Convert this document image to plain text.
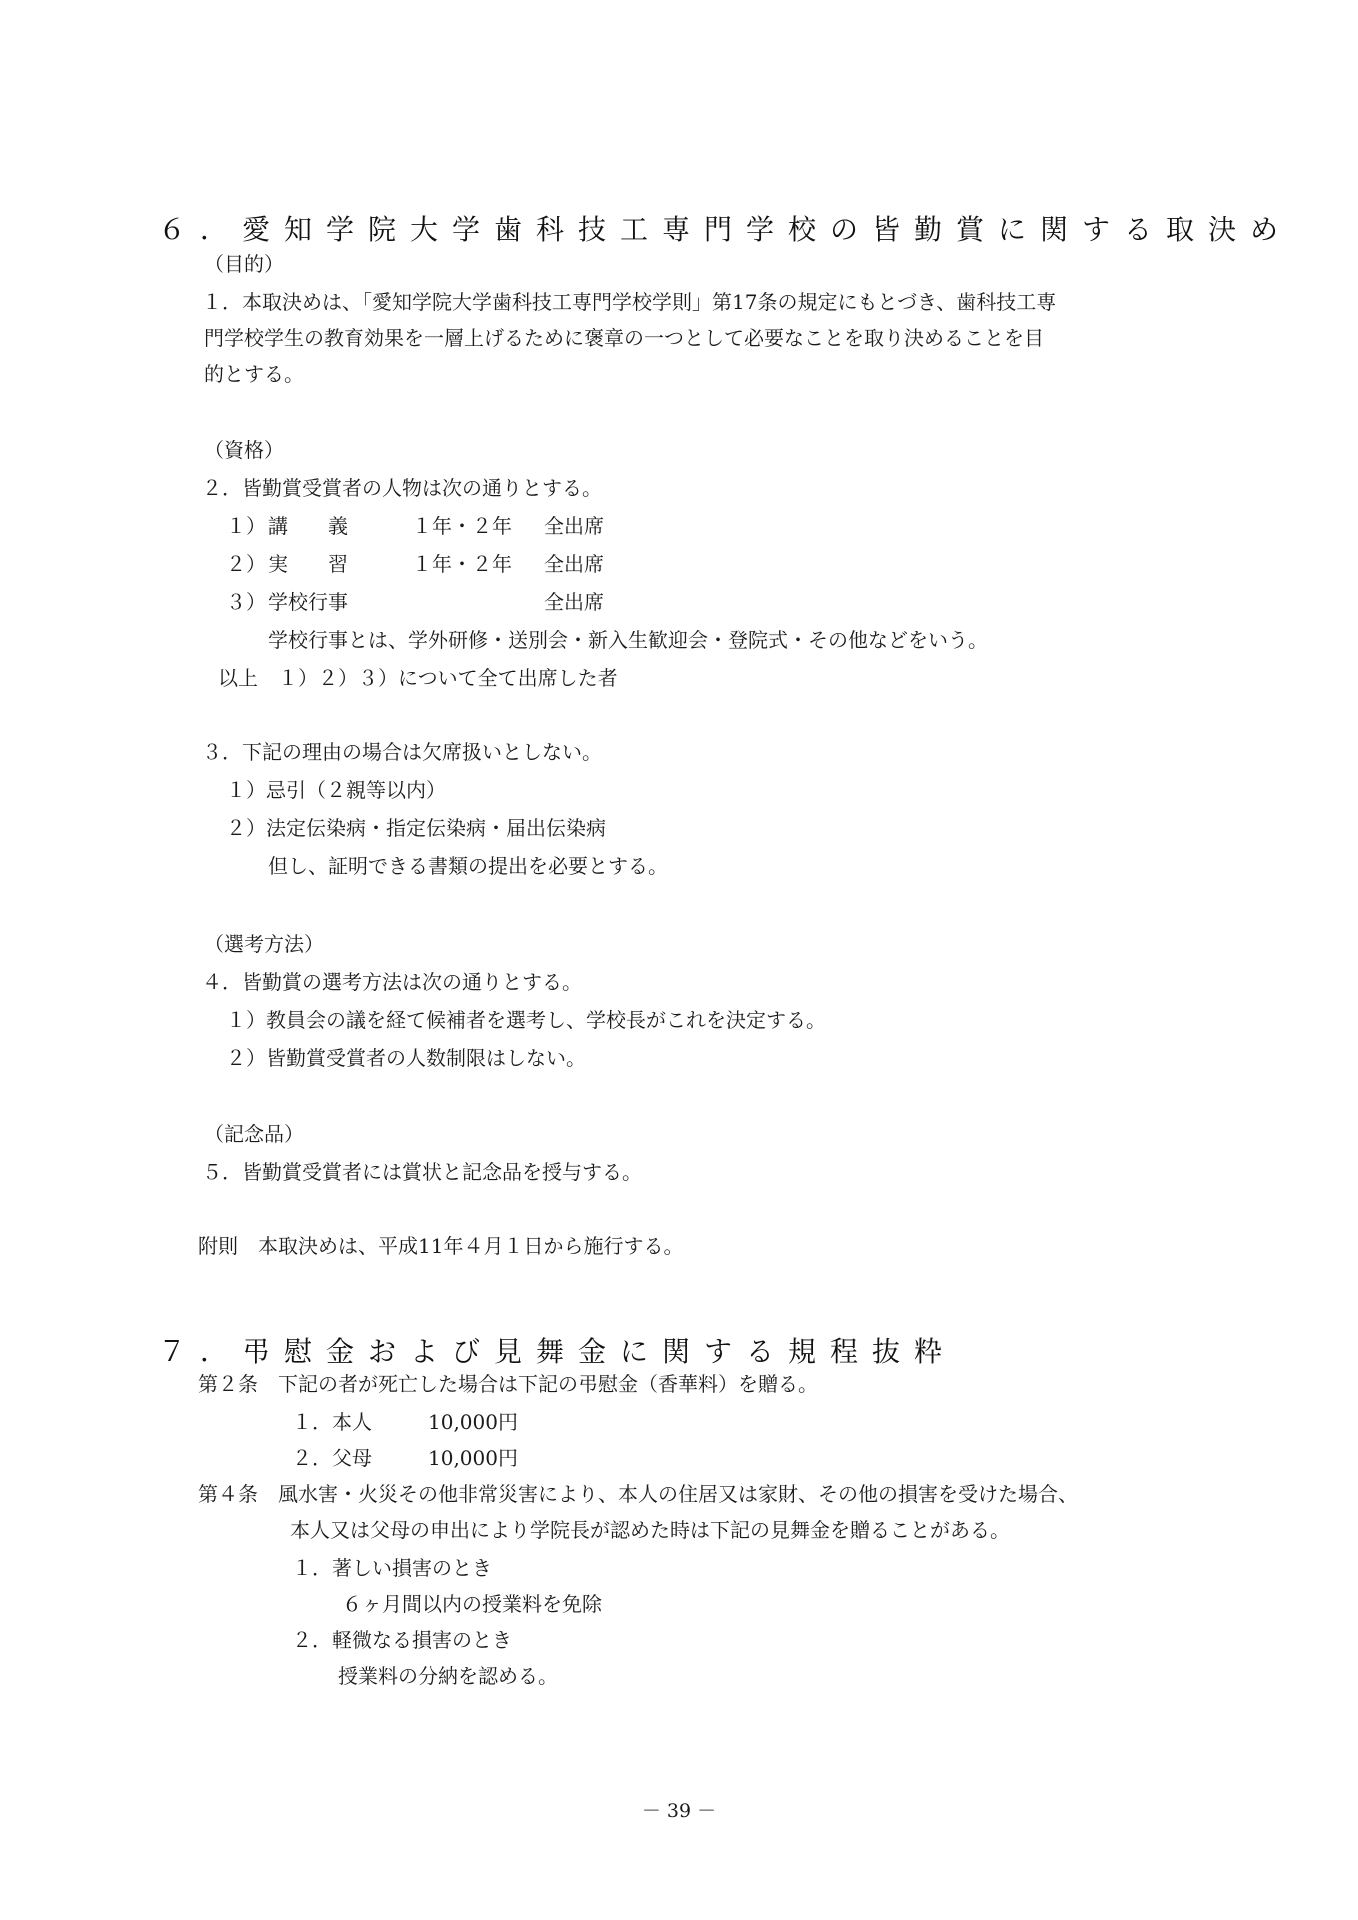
６．愛知学院大学歯科技工専門学校の皆勤賞に関する取決め
（目的）
１．本取決めは、「愛知学院大学歯科技工専門学校学則」第17条の規定にもとづき、歯科技工専
門学校学生の教育効果を一層上げるために褒章の一つとして必要なことを取り決めることを目
的とする。
（資格）
２．皆勤賞受賞者の人物は次の通りとする。
１） 講　　義	１年・２年 全出席
２） 実　　習	１年・２年 全出席
３） 学校行事	全出席
学校行事とは、学外研修・送別会・新入生歓迎会・登院式・その他などをいう。
以上　１）２）３）について全て出席した者
３．下記の理由の場合は欠席扱いとしない。
１）忌引（２親等以内）
２）法定伝染病・指定伝染病・届出伝染病
但し、証明できる書類の提出を必要とする。
（選考方法）
４．皆勤賞の選考方法は次の通りとする。
１）教員会の議を経て候補者を選考し、学校長がこれを決定する。
２）皆勤賞受賞者の人数制限はしない。
（記念品）
５．皆勤賞受賞者には賞状と記念品を授与する。
附則　本取決めは、平成11年４月１日から施行する。
７．弔慰金および見舞金に関する規程抜粋
第２条　下記の者が死亡した場合は下記の弔慰金（香華料）を贈る。
１．本人	10,000円
２．父母	10,000円
第４条　風水害・火災その他非常災害により、本人の住居又は家財、その他の損害を受けた場合、
本人又は父母の申出により学院長が認めた時は下記の見舞金を贈ることがある。
１．著しい損害のとき
６ヶ月間以内の授業料を免除
２．軽微なる損害のとき
授業料の分納を認める。
－ 39 －
